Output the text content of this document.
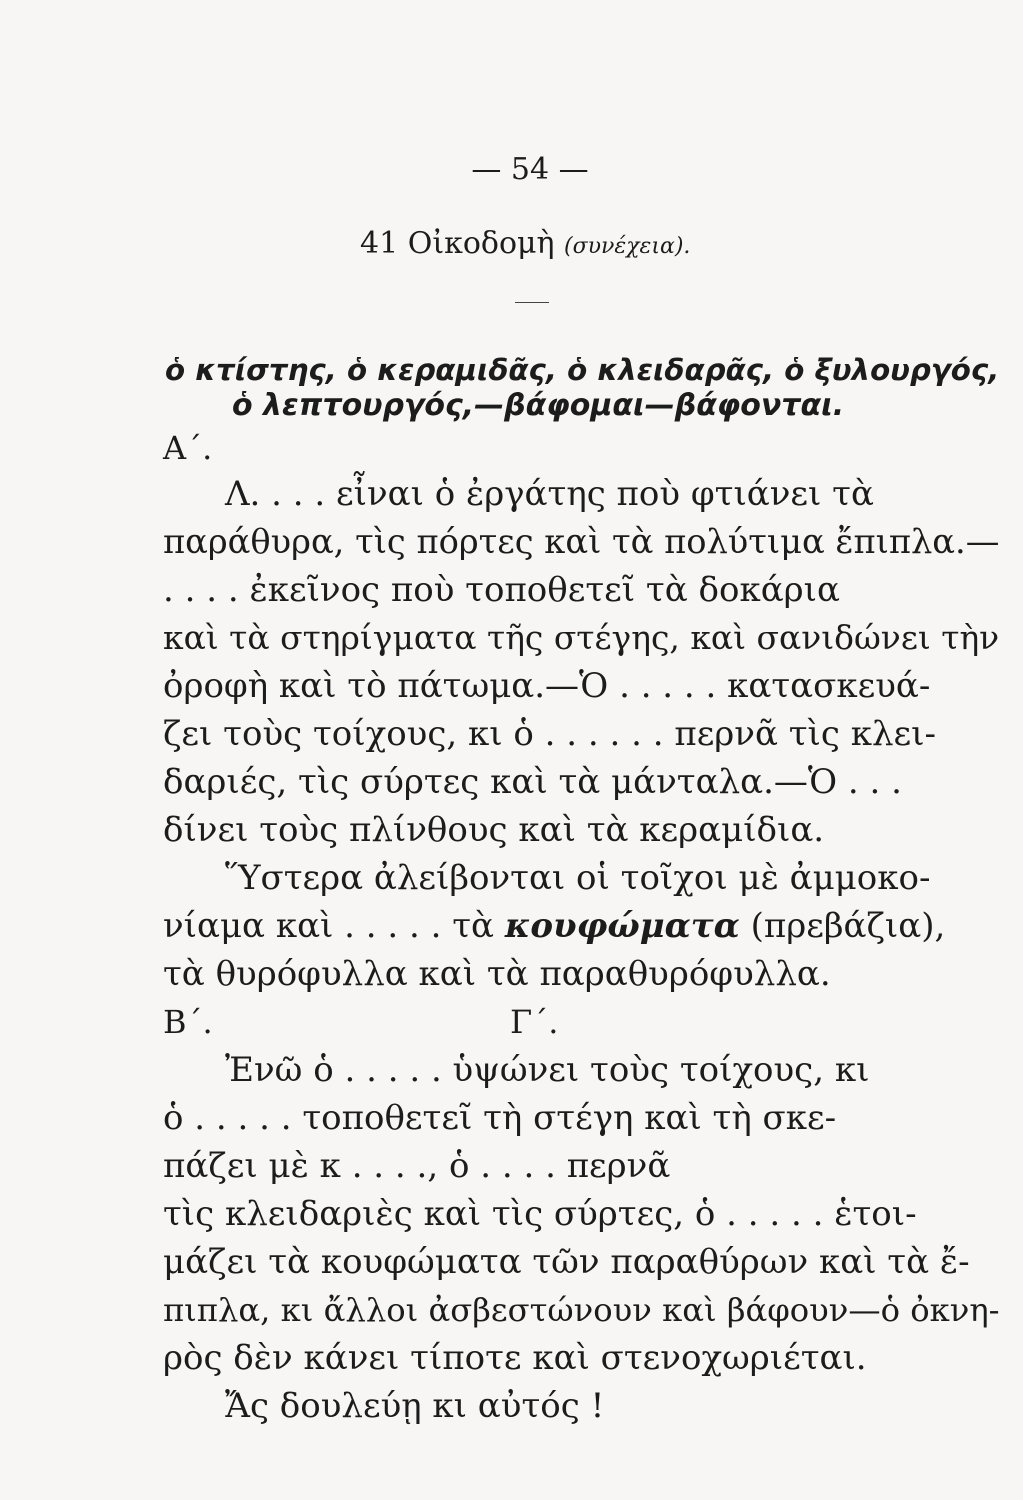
— 54 —
41 Οἰκοδομὴ (συνέχεια).
ὁ κτίστης, ὁ κεραμιδᾶς, ὁ κλειδαρᾶς, ὁ ξυλουργός,
ὁ λεπτουργός,—βάφομαι—βάφονται.
Α΄.
Λ. . . . εἶναι ὁ ἐργάτης ποὺ φτιάνει τὰ
παράθυρα, τὶς πόρτες καὶ τὰ πολύτιμα ἔπιπλα.—
. . . . ἐκεῖνος ποὺ τοποθετεῖ τὰ δοκάρια
καὶ τὰ στηρίγματα τῆς στέγης, καὶ σανιδώνει τὴν
ὀροφὴ καὶ τὸ πάτωμα.—Ὁ . . . . . κατασκευά-
ζει τοὺς τοίχους, κι ὁ . . . . . . περνᾶ τὶς κλει-
δαριές, τὶς σύρτες καὶ τὰ μάνταλα.—Ὁ . . .
δίνει τοὺς πλίνθους καὶ τὰ κεραμίδια.
Ὕστερα ἀλείβονται οἱ τοῖχοι μὲ ἀμμοκο-
νίαμα καὶ . . . . . τὰ κουφώματα (πρεβάζια),
τὰ θυρόφυλλα καὶ τὰ παραθυρόφυλλα.
Β΄.	Γ΄.
Ἐνῶ ὁ . . . . . ὑψώνει τοὺς τοίχους, κι
ὁ . . . . . τοποθετεῖ τὴ στέγη καὶ τὴ σκε-
πάζει μὲ κ . . . ., ὁ . . . . περνᾶ
τὶς κλειδαριὲς καὶ τὶς σύρτες, ὁ . . . . . ἑτοι-
μάζει τὰ κουφώματα τῶν παραθύρων καὶ τὰ ἔ-
πιπλα, κι ἄλλοι ἀσβεστώνουν καὶ βάφουν—ὁ ὀκνη-
ρὸς δὲν κάνει τίποτε καὶ στενοχωριέται.
Ἄς δουλεύῃ κι αὐτός !
